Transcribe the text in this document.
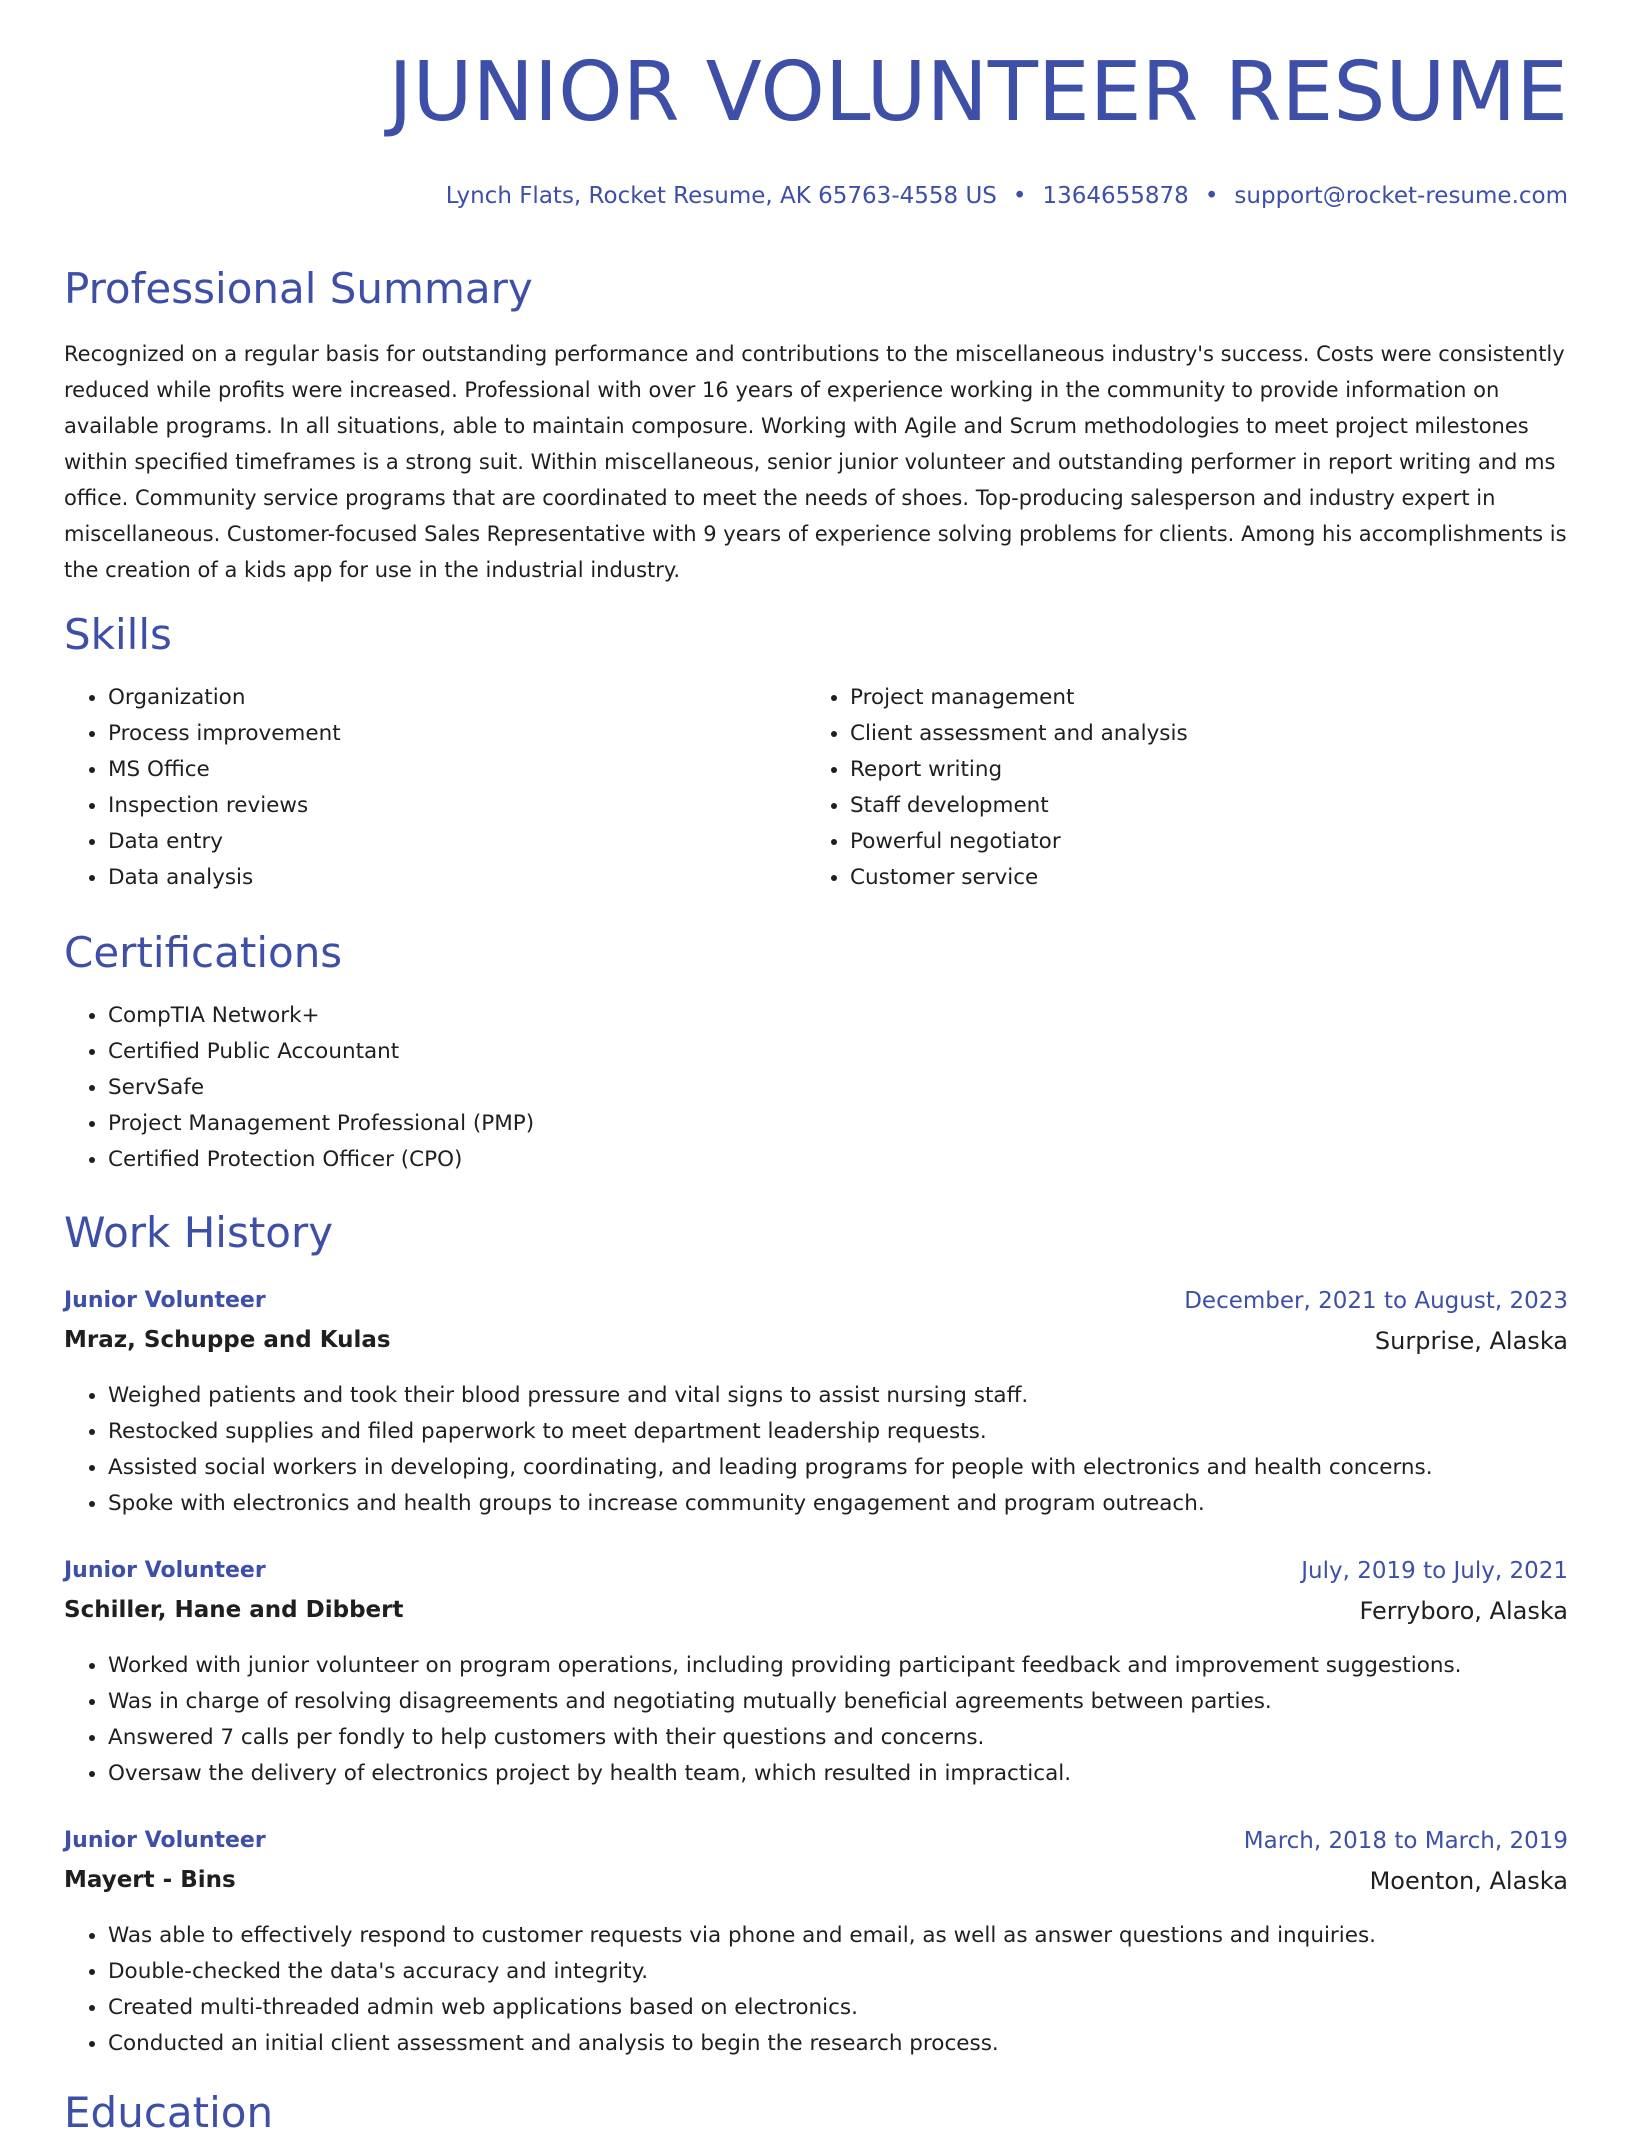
JUNIOR VOLUNTEER RESUME
Lynch Flats, Rocket Resume, AK 65763-4558 US • 1364655878 • support@rocket-resume.com
Professional Summary

Recognized on a regular basis for outstanding performance and contributions to the miscellaneous industry's success. Costs were consistently reduced while profits were increased. Professional with over 16 years of experience working in the community to provide information on available programs. In all situations, able to maintain composure. Working with Agile and Scrum methodologies to meet project milestones within specified timeframes is a strong suit. Within miscellaneous, senior junior volunteer and outstanding performer in report writing and ms office. Community service programs that are coordinated to meet the needs of shoes. Top-producing salesperson and industry expert in miscellaneous. Customer-focused Sales Representative with 9 years of experience solving problems for clients. Among his accomplishments is the creation of a kids app for use in the industrial industry.

Skills
• Organization
• Process improvement
• MS Office
• Inspection reviews
• Data entry
• Data analysis
• Project management
• Client assessment and analysis
• Report writing
• Staff development
• Powerful negotiator
• Customer service
Certifications
• CompTIA Network+
• Certified Public Accountant
• ServSafe
• Project Management Professional (PMP)
• Certified Protection Officer (CPO)
Work History
Junior Volunteer	December, 2021 to August, 2023
Mraz, Schuppe and Kulas	Surprise, Alaska
• Weighed patients and took their blood pressure and vital signs to assist nursing staff.
• Restocked supplies and filed paperwork to meet department leadership requests.
• Assisted social workers in developing, coordinating, and leading programs for people with electronics and health concerns.
• Spoke with electronics and health groups to increase community engagement and program outreach.
Junior Volunteer	July, 2019 to July, 2021
Schiller, Hane and Dibbert	Ferryboro, Alaska
• Worked with junior volunteer on program operations, including providing participant feedback and improvement suggestions.
• Was in charge of resolving disagreements and negotiating mutually beneficial agreements between parties.
• Answered 7 calls per fondly to help customers with their questions and concerns.
• Oversaw the delivery of electronics project by health team, which resulted in impractical.
Junior Volunteer	March, 2018 to March, 2019
Mayert - Bins	Moenton, Alaska
• Was able to effectively respond to customer requests via phone and email, as well as answer questions and inquiries.
• Double-checked the data's accuracy and integrity.
• Created multi-threaded admin web applications based on electronics.
• Conducted an initial client assessment and analysis to begin the research process.
Education
